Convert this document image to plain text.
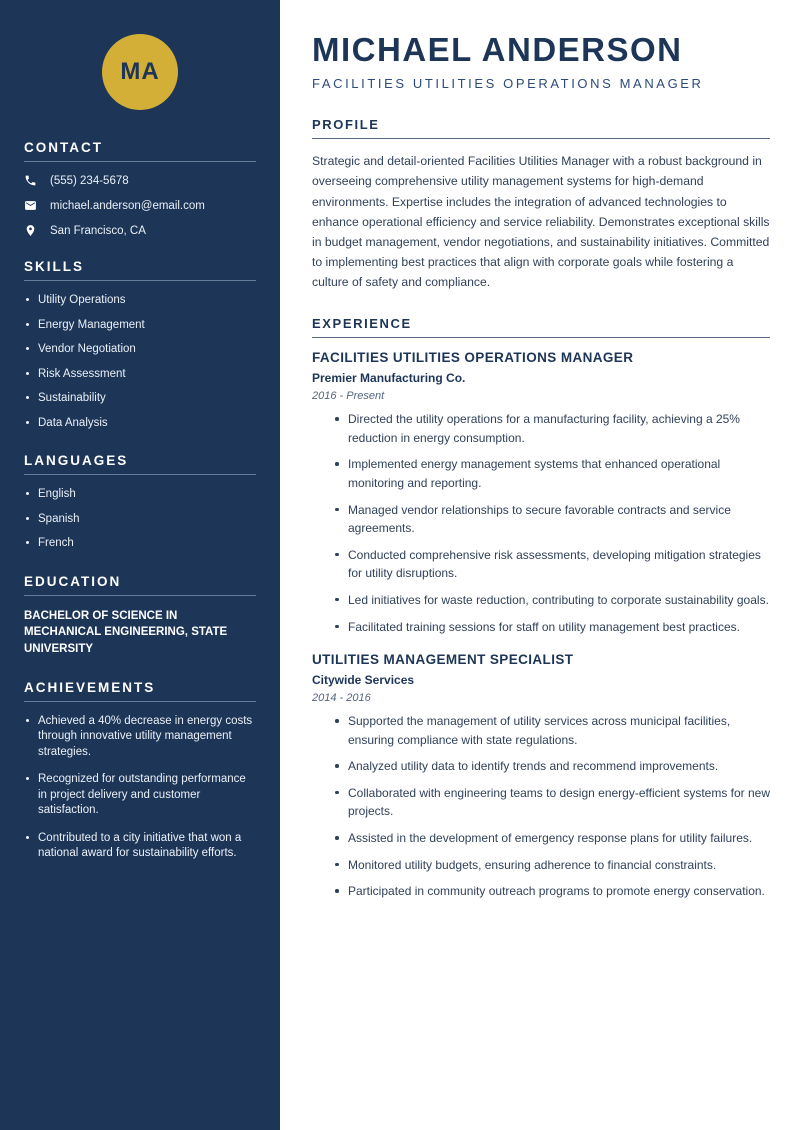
MA
CONTACT
(555) 234-5678
michael.anderson@email.com
San Francisco, CA
SKILLS
Utility Operations
Energy Management
Vendor Negotiation
Risk Assessment
Sustainability
Data Analysis
LANGUAGES
English
Spanish
French
EDUCATION
BACHELOR OF SCIENCE IN MECHANICAL ENGINEERING, STATE UNIVERSITY
ACHIEVEMENTS
Achieved a 40% decrease in energy costs through innovative utility management strategies.
Recognized for outstanding performance in project delivery and customer satisfaction.
Contributed to a city initiative that won a national award for sustainability efforts.
MICHAEL ANDERSON
FACILITIES UTILITIES OPERATIONS MANAGER
PROFILE

Strategic and detail-oriented Facilities Utilities Manager with a robust background in overseeing comprehensive utility management systems for high-demand environments. Expertise includes the integration of advanced technologies to enhance operational efficiency and service reliability. Demonstrates exceptional skills in budget management, vendor negotiations, and sustainability initiatives. Committed to implementing best practices that align with corporate goals while fostering a culture of safety and compliance.

EXPERIENCE
FACILITIES UTILITIES OPERATIONS MANAGER
Premier Manufacturing Co.
2016 - Present
Directed the utility operations for a manufacturing facility, achieving a 25% reduction in energy consumption.
Implemented energy management systems that enhanced operational monitoring and reporting.
Managed vendor relationships to secure favorable contracts and service agreements.
Conducted comprehensive risk assessments, developing mitigation strategies for utility disruptions.
Led initiatives for waste reduction, contributing to corporate sustainability goals.
Facilitated training sessions for staff on utility management best practices.
UTILITIES MANAGEMENT SPECIALIST
Citywide Services
2014 - 2016
Supported the management of utility services across municipal facilities, ensuring compliance with state regulations.
Analyzed utility data to identify trends and recommend improvements.
Collaborated with engineering teams to design energy-efficient systems for new projects.
Assisted in the development of emergency response plans for utility failures.
Monitored utility budgets, ensuring adherence to financial constraints.
Participated in community outreach programs to promote energy conservation.
